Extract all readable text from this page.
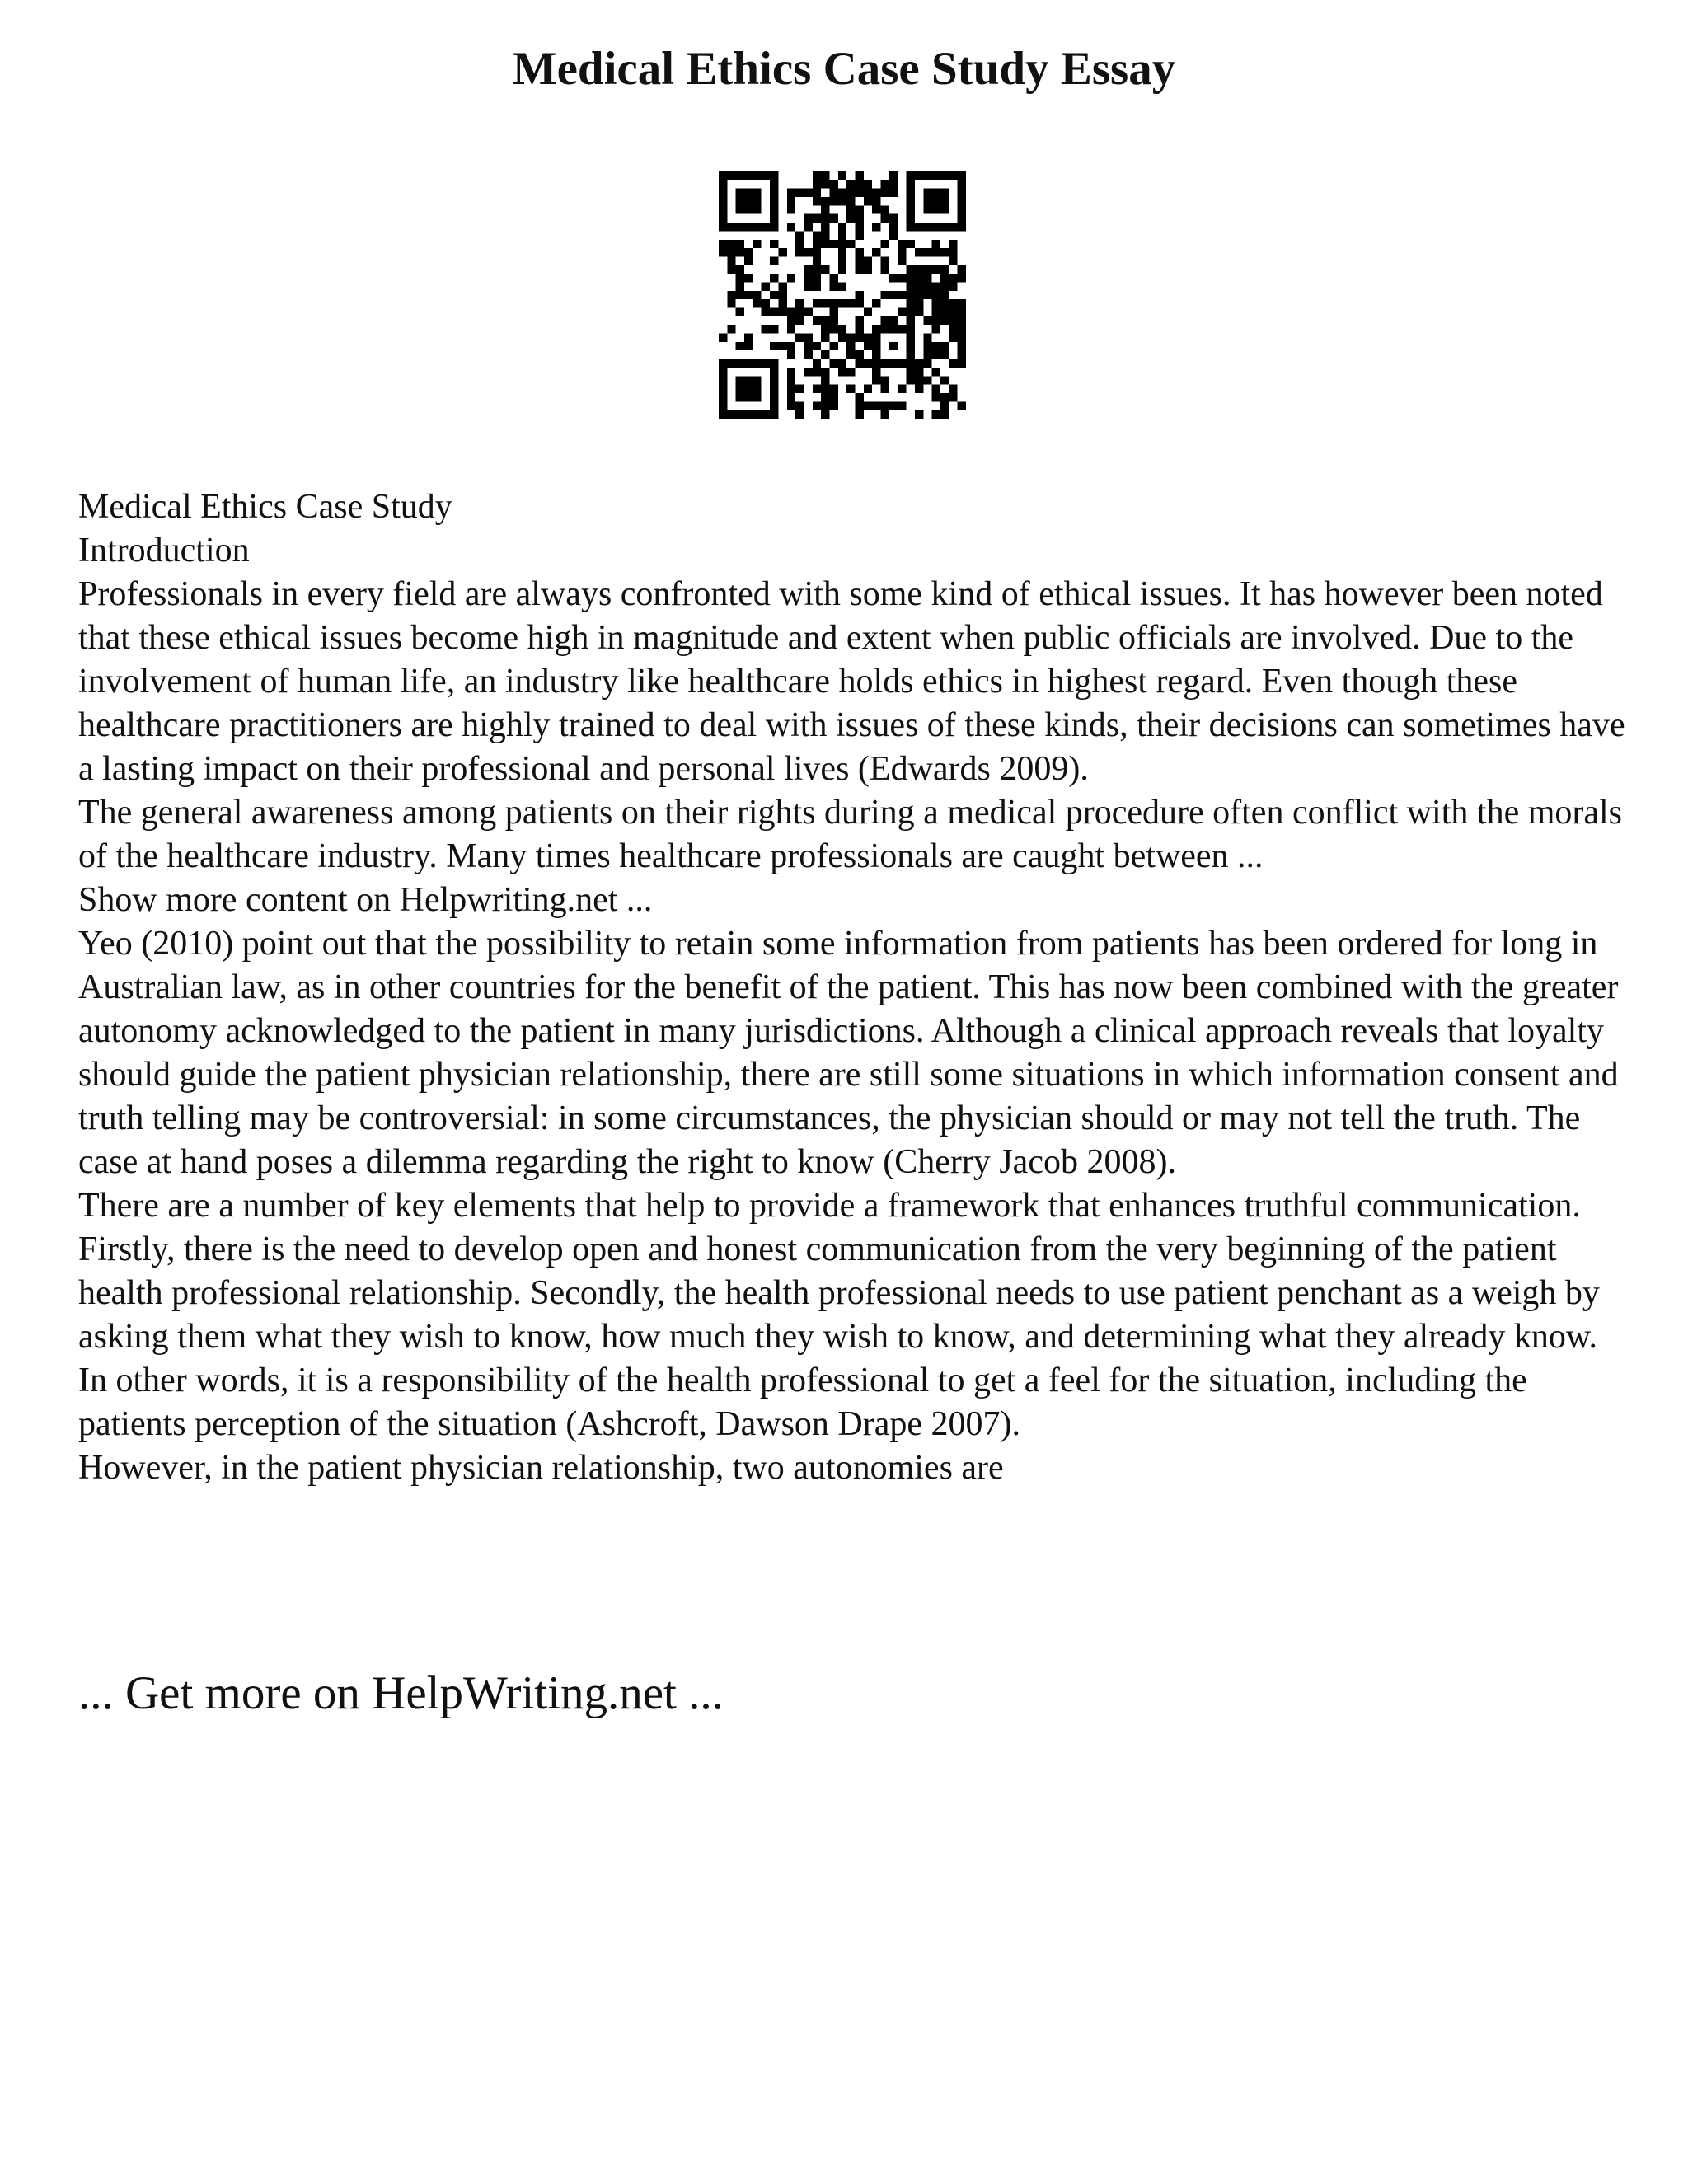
Medical Ethics Case Study Essay

Medical Ethics Case Study

Introduction

Professionals in every field are always confronted with some kind of ethical issues. It has however been noted that these ethical issues become high in magnitude and extent when public officials are involved. Due to the involvement of human life, an industry like healthcare holds ethics in highest regard. Even though these healthcare practitioners are highly trained to deal with issues of these kinds, their decisions can sometimes have a lasting impact on their professional and personal lives (Edwards 2009).

The general awareness among patients on their rights during a medical procedure often conflict with the morals of the healthcare industry. Many times healthcare professionals are caught between ...

Show more content on Helpwriting.net ...

Yeo (2010) point out that the possibility to retain some information from patients has been ordered for long in Australian law, as in other countries for the benefit of the patient. This has now been combined with the greater autonomy acknowledged to the patient in many jurisdictions. Although a clinical approach reveals that loyalty should guide the patient physician relationship, there are still some situations in which information consent and truth telling may be controversial: in some circumstances, the physician should or may not tell the truth. The case at hand poses a dilemma regarding the right to know (Cherry Jacob 2008).

There are a number of key elements that help to provide a framework that enhances truthful communication. Firstly, there is the need to develop open and honest communication from the very beginning of the patient health professional relationship. Secondly, the health professional needs to use patient penchant as a weigh by asking them what they wish to know, how much they wish to know, and determining what they already know. In other words, it is a responsibility of the health professional to get a feel for the situation, including the patients perception of the situation (Ashcroft, Dawson Drape 2007).

However, in the patient physician relationship, two autonomies are

... Get more on HelpWriting.net ...
